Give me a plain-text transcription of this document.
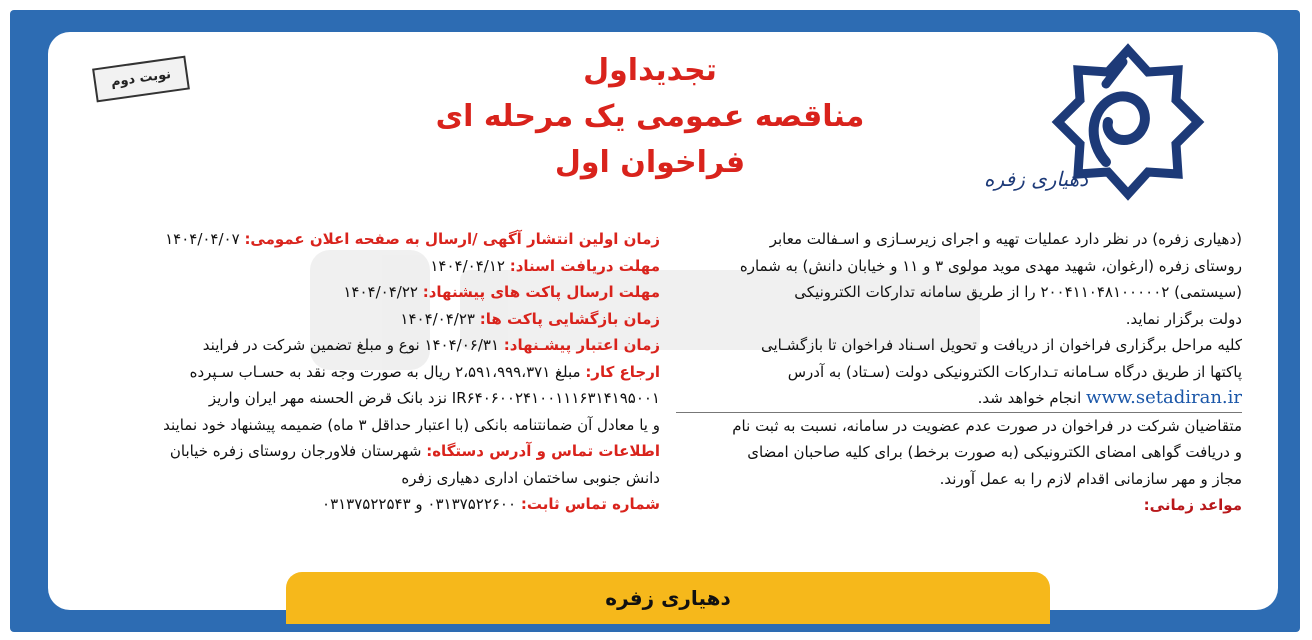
دهیاری زفره
تجدیداول
مناقصه عمومی یک مرحله ای
فراخوان اول
نوبت دوم
(دهیاری زفره) در نظر دارد عملیات تهیه و اجرای زیرسـازی و اسـفالت معابر
روستای زفره (ارغوان، شهید مهدی موید مولوی ۳ و ۱۱ و خیابان دانش) به شماره
(سیستمی) ۲۰۰۴۱۱۰۴۸۱۰۰۰۰۰۲ را از طریق سامانه تدارکات الکترونیکی
دولت برگزار نماید.
کلیه مراحل برگزاری فراخوان از دریافت و تحویل اسـناد فراخوان تا بازگشـایی
پاکتها از طریق درگاه سـامانه تـدارکات الکترونیکی دولت (سـتاد) به آدرس
www.setadiran.ir انجام خواهد شد.
متقاضیان شرکت در فراخوان در صورت عدم عضویت در سامانه، نسبت به ثبت نام
و دریافت گواهی امضای الکترونیکی (به صورت برخط) برای کلیه صاحبان امضای
مجاز و مهر سازمانی اقدام لازم را به عمل آورند.
مواعد زمانی:
زمان اولین انتشار آگهی /ارسال به صفحه اعلان عمومی: ۱۴۰۴/۰۴/۰۷
مهلت دریافت اسناد: ۱۴۰۴/۰۴/۱۲
مهلت ارسال پاکت های پیشنهاد: ۱۴۰۴/۰۴/۲۲
زمان بازگشایی پاکت ها: ۱۴۰۴/۰۴/۲۳
زمان اعتبار پیشـنهاد: ۱۴۰۴/۰۶/۳۱ نوع و مبلغ تضمین شرکت در فرایند
ارجاع کار: مبلغ ۲،۵۹۱،۹۹۹،۳۷۱ ریال به صورت وجه نقد به حسـاب سـپرده
IR۶۴۰۶۰۰۲۴۱۰۰۱۱۱۶۳۱۴۱۹۵۰۰۱ نزد بانک قرض الحسنه مهر ایران واریز
و یا معادل آن ضمانتنامه بانکی (با اعتبار حداقل ۳ ماه) ضمیمه پیشنهاد خود نمایند
اطلاعات تماس و آدرس دستگاه: شهرستان فلاورجان روستای زفره خیابان
دانش جنوبی ساختمان اداری دهیاری زفره
شماره تماس ثابت: ۰۳۱۳۷۵۲۲۶۰۰ و ۰۳۱۳۷۵۲۲۵۴۳
دهیاری زفره
